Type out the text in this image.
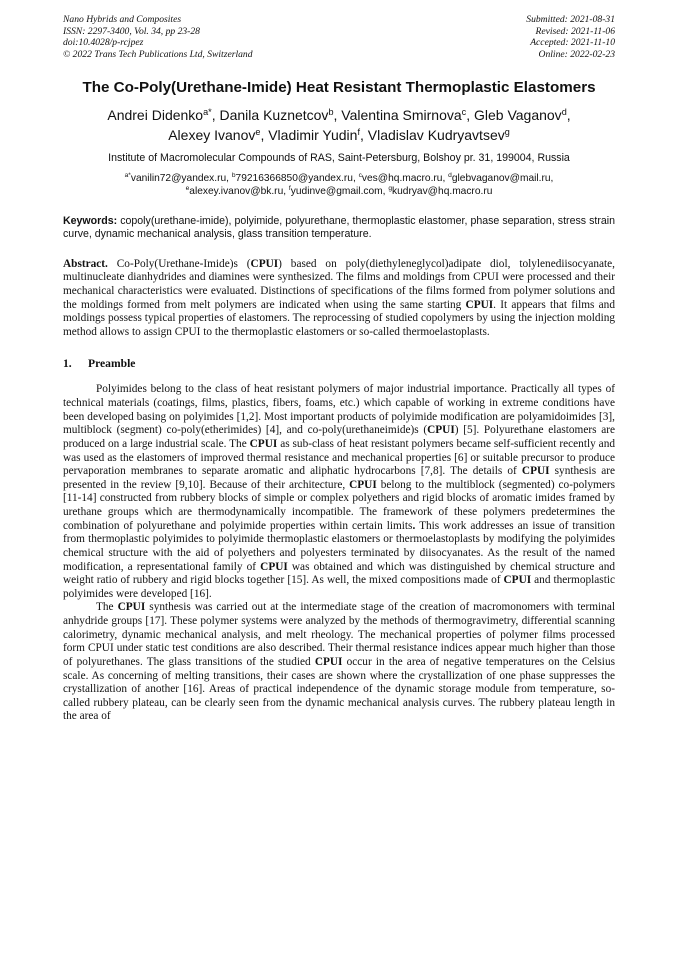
Nano Hybrids and Composites
ISSN: 2297-3400, Vol. 34, pp 23-28
doi:10.4028/p-rcjpez
© 2022 Trans Tech Publications Ltd, Switzerland
Submitted: 2021-08-31
Revised: 2021-11-06
Accepted: 2021-11-10
Online: 2022-02-23
The Co-Poly(Urethane-Imide) Heat Resistant Thermoplastic Elastomers
Andrei Didenko$^{a*}$, Danila Kuznetcov$^b$, Valentina Smirnova$^c$, Gleb Vaganov$^d$,
Alexey Ivanov$^e$, Vladimir Yudin$^f$, Vladislav Kudryavtsev$^g$
Institute of Macromolecular Compounds of RAS, Saint-Petersburg, Bolshoy pr. 31, 199004, Russia
$^{a*}$vanilin72@yandex.ru, $^b$79216366850@yandex.ru, $^c$ves@hq.macro.ru, $^d$glebvaganov@mail.ru,
$^e$alexey.ivanov@bk.ru, $^f$yudinve@gmail.com, $^g$kudryav@hq.macro.ru
Keywords: copoly(urethane-imide), polyimide, polyurethane, thermoplastic elastomer, phase separation, stress strain curve, dynamic mechanical analysis, glass transition temperature.
Abstract. Co-Poly(Urethane-Imide)s (CPUI) based on poly(diethyleneglycol)adipate diol, tolylenediisocyanate, multinucleate dianhydrides and diamines were synthesized. The films and moldings from CPUI were processed and their mechanical characteristics were evaluated. Distinctions of specifications of the films formed from polymer solutions and the moldings formed from melt polymers are indicated when using the same starting CPUI. It appears that films and moldings possess typical properties of elastomers. The reprocessing of studied copolymers by using the injection molding method allows to assign CPUI to the thermoplastic elastomers or so-called thermoelastoplasts.
1. Preamble

Polyimides belong to the class of heat resistant polymers of major industrial importance. Practically all types of technical materials (coatings, films, plastics, fibers, foams, etc.) which capable of working in extreme conditions have been developed basing on polyimides [1,2]. Most important products of polyimide modification are polyamidoimides [3], multiblock (segment) co-poly(etherimides) [4], and co-poly(urethaneimide)s (CPUI) [5]. Polyurethane elastomers are produced on a large industrial scale. The CPUI as sub-class of heat resistant polymers became self-sufficient recently and was used as the elastomers of improved thermal resistance and mechanical properties [6] or suitable precursor to produce pervaporation membranes to separate aromatic and aliphatic hydrocarbons [7,8]. The details of CPUI synthesis are presented in the review [9,10]. Because of their architecture, CPUI belong to the multiblock (segmented) co-polymers [11-14] constructed from rubbery blocks of simple or complex polyethers and rigid blocks of aromatic imides framed by urethane groups which are thermodynamically incompatible. The framework of these polymers predetermines the combination of polyurethane and polyimide properties within certain limits. This work addresses an issue of transition from thermoplastic polyimides to polyimide thermoplastic elastomers or thermoelastoplasts by modifying the polyimides chemical structure with the aid of polyethers and polyesters terminated by diisocyanates. As the result of the named modification, a representational family of CPUI was obtained and which was distinguished by chemical structure and weight ratio of rubbery and rigid blocks together [15]. As well, the mixed compositions made of CPUI and thermoplastic polyimides were developed [16].

The CPUI synthesis was carried out at the intermediate stage of the creation of macromonomers with terminal anhydride groups [17]. These polymer systems were analyzed by the methods of thermogravimetry, differential scanning calorimetry, dynamic mechanical analysis, and melt rheology. The mechanical properties of polymer films processed form CPUI under static test conditions are also described. Their thermal resistance indices appear much higher than those of polyurethanes. The glass transitions of the studied CPUI occur in the area of negative temperatures on the Celsius scale. As concerning of melting transitions, their cases are shown where the crystallization of one phase suppresses the crystallization of another [16]. Areas of practical independence of the dynamic storage module from temperature, so-called rubbery plateau, can be clearly seen from the dynamic mechanical analysis curves. The rubbery plateau length in the area of
